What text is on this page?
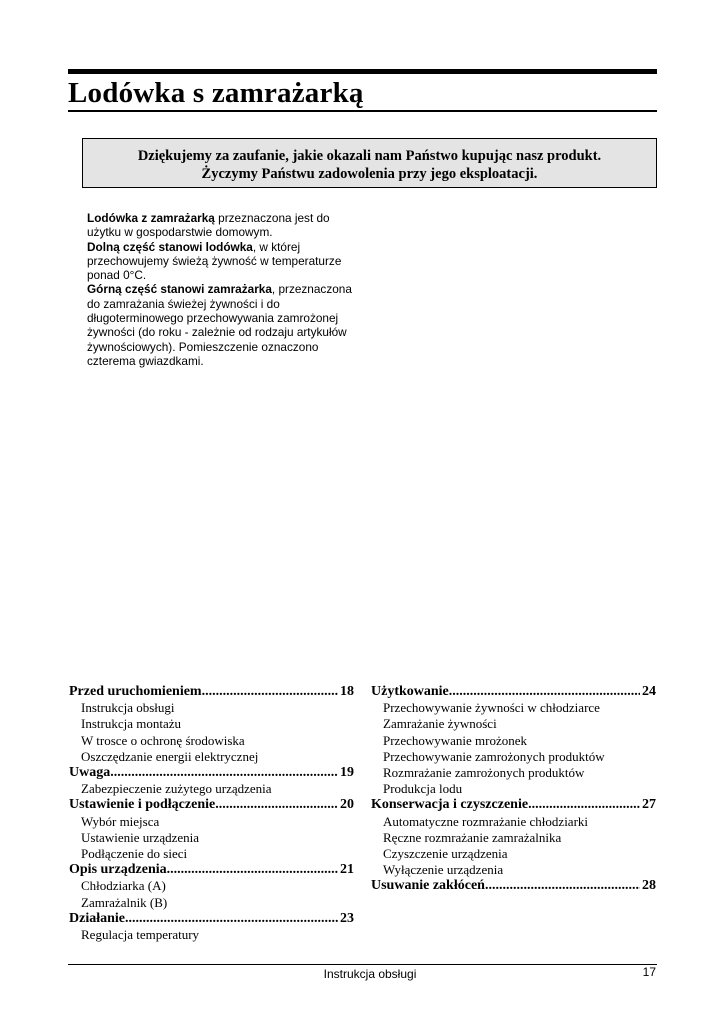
Lodówka s zamrażarką
Dziękujemy za zaufanie, jakie okazali nam Państwo kupując nasz produkt.
Życzymy Państwu zadowolenia przy jego eksploatacji.

Lodówka z zamrażarką przeznaczona jest do użytku w gospodarstwie domowym.

Dolną część stanowi lodówka, w której przechowujemy świeżą żywność w temperaturze ponad 0°C.

Górną część stanowi zamrażarka, przeznaczona do zamrażania świeżej żywności i do długoterminowego przechowywania zamrożonej żywności (do roku - zależnie od rodzaju artykułów żywnościowych). Pomieszczenie oznaczono czterema gwiazdkami.

Przed uruchomieniem .....	18
Instrukcja obsługi
Instrukcja montażu
W trosce o ochronę środowiska
Oszczędzanie energii elektrycznej
Uwaga .....	19
Zabezpieczenie zużytego urządzenia
Ustawienie i podłączenie .....	20
Wybór miejsca
Ustawienie urządzenia
Podłączenie do sieci
Opis urządzenia .....	21
Chłodziarka (A)
Zamrażalnik (B)
Działanie .....	23
Regulacja temperatury
Użytkowanie .....	24
Przechowywanie żywności w chłodziarce
Zamrażanie żywności
Przechowywanie mrożonek
Przechowywanie zamrożonych produktów
Rozmrażanie zamrożonych produktów
Produkcja lodu
Konserwacja i czyszczenie .....	27
Automatyczne rozmrażanie chłodziarki
Ręczne rozmrażanie zamrażalnika
Czyszczenie urządzenia
Wyłączenie urządzenia
Usuwanie zakłóceń .....	28
Instrukcja obsługi	17
